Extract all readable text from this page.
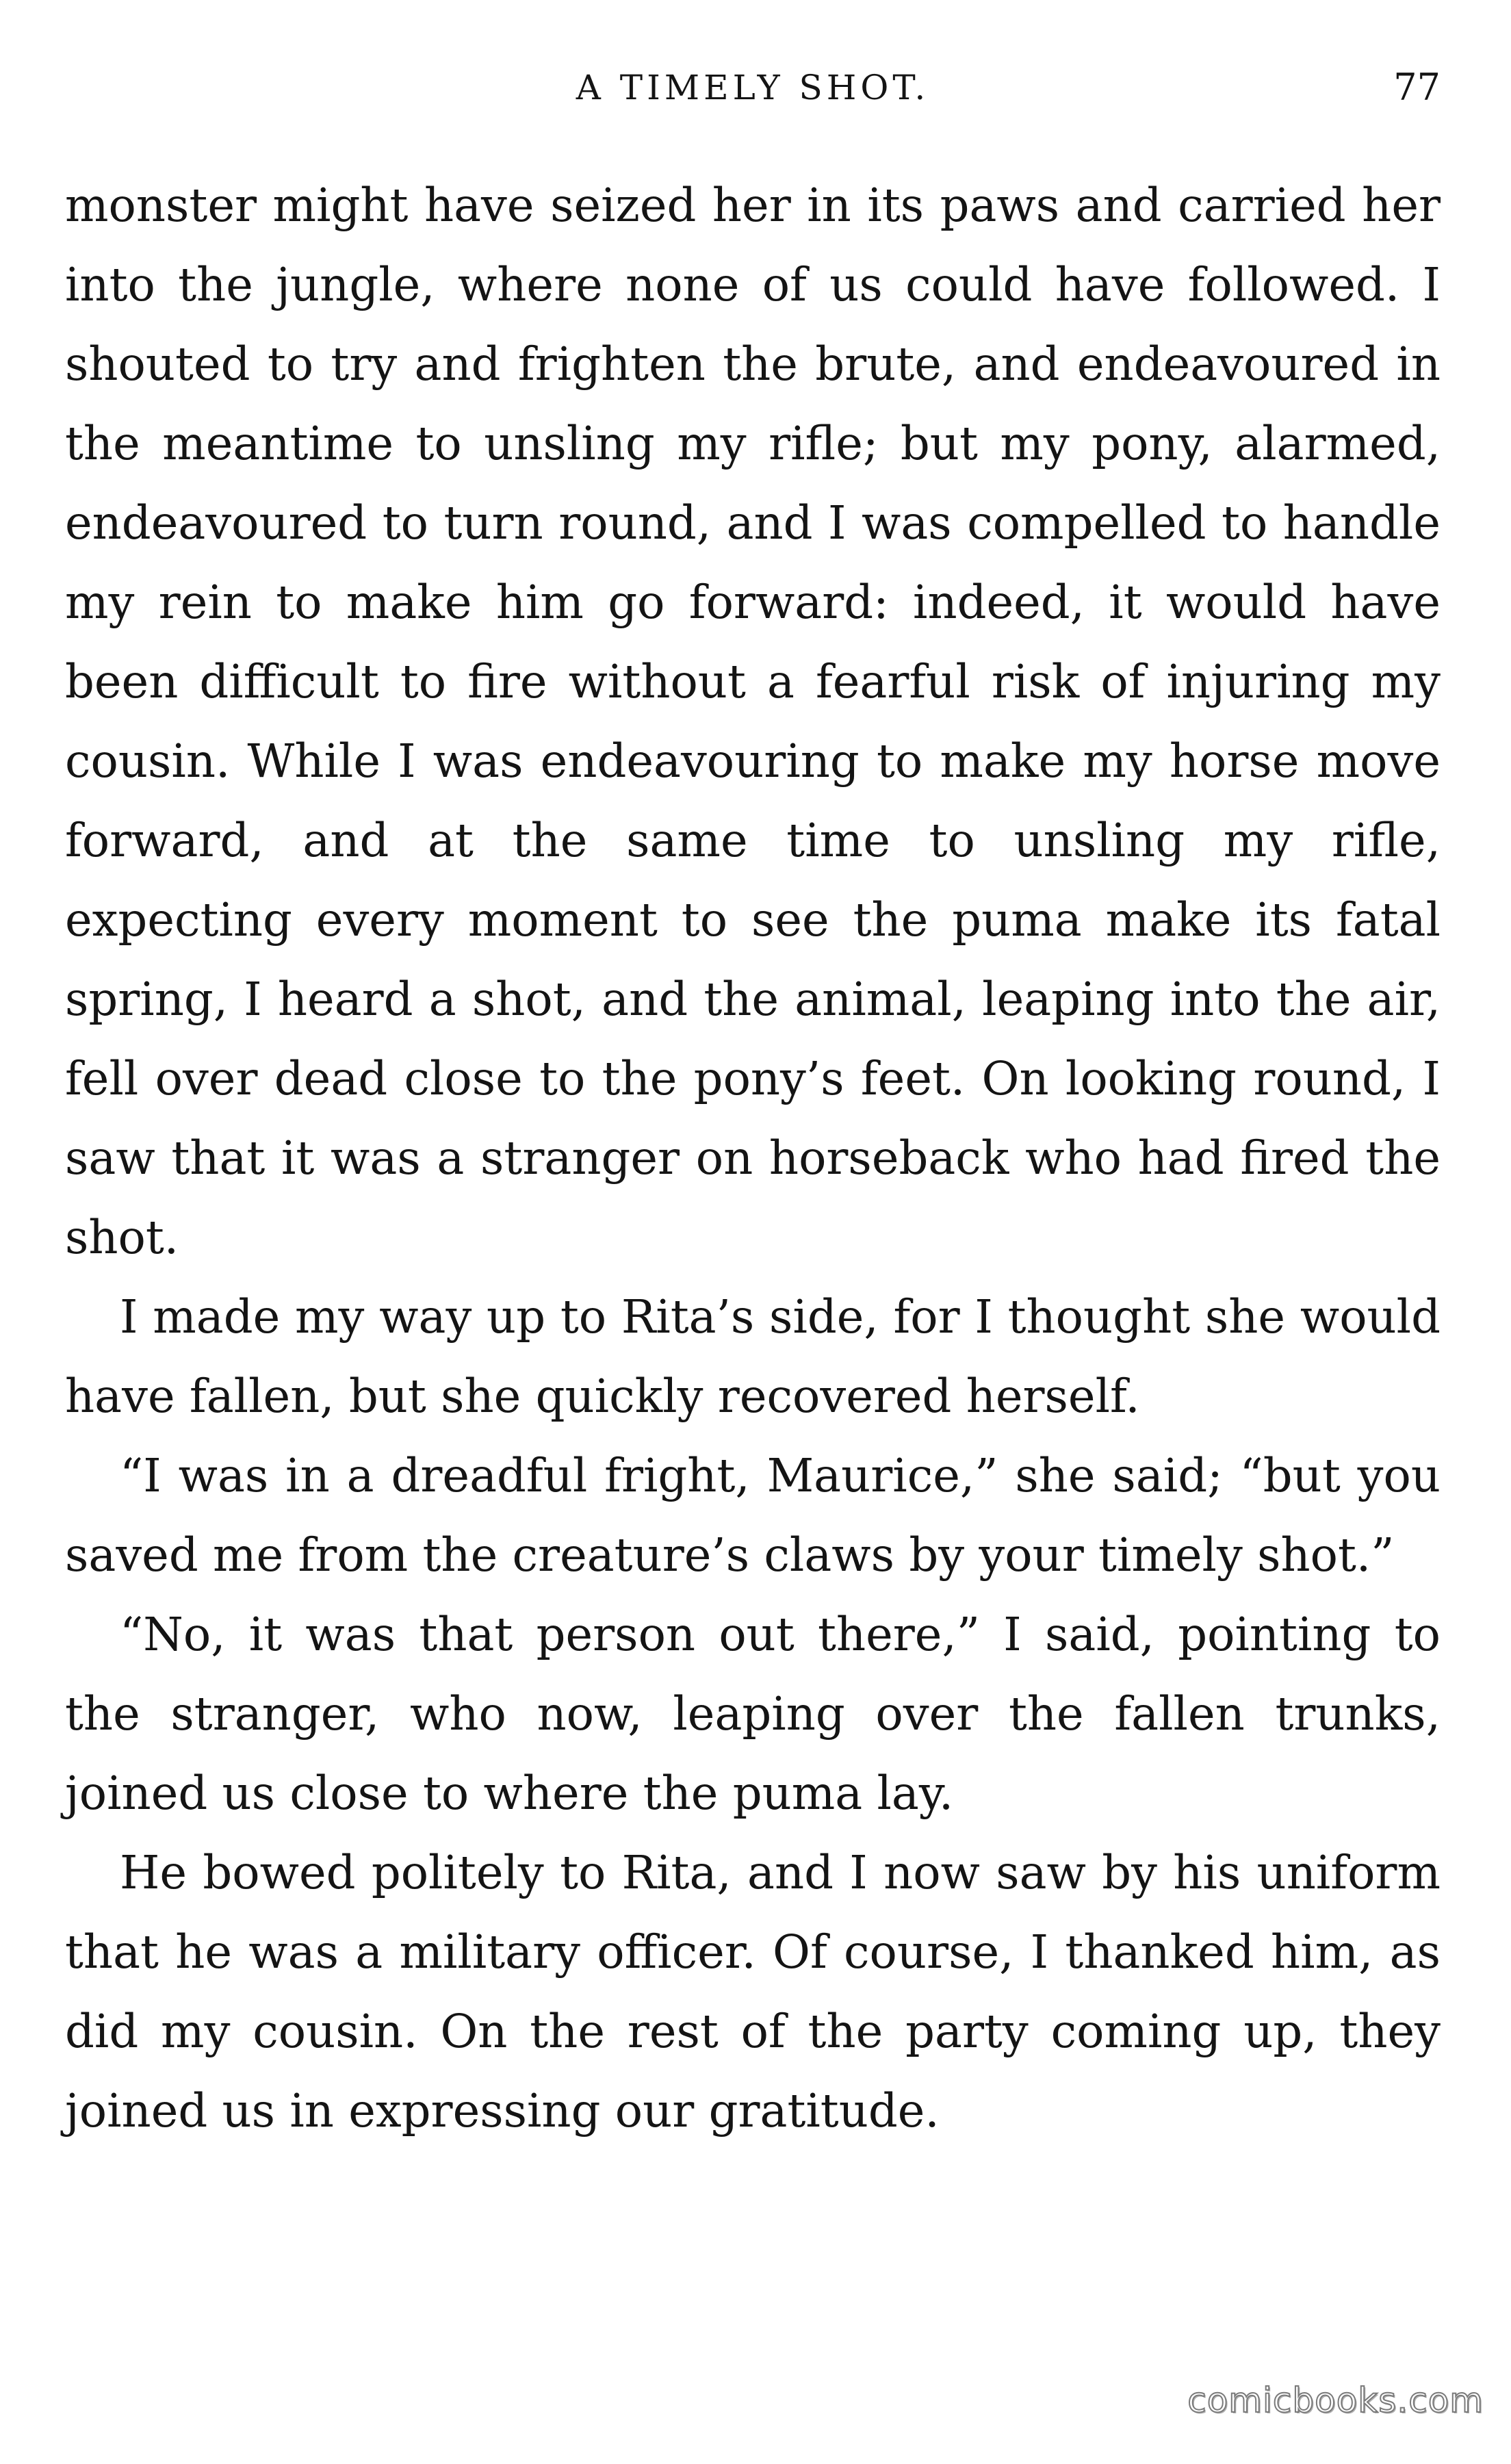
A TIMELY SHOT.	77

monster might have seized her in its paws and carried her into the jungle, where none of us could have followed. I shouted to try and frighten the brute, and endeavoured in the meantime to unsling my rifle; but my pony, alarmed, endeavoured to turn round, and I was compelled to handle my rein to make him go forward: indeed, it would have been difficult to fire without a fearful risk of injuring my cousin. While I was endeavouring to make my horse move forward, and at the same time to unsling my rifle, expecting every moment to see the puma make its fatal spring, I heard a shot, and the animal, leaping into the air, fell over dead close to the pony’s feet. On looking round, I saw that it was a stranger on horseback who had fired the shot.

I made my way up to Rita’s side, for I thought she would have fallen, but she quickly recovered herself.

“I was in a dreadful fright, Maurice,” she said; “but you saved me from the creature’s claws by your timely shot.”

“No, it was that person out there,” I said, pointing to the stranger, who now, leaping over the fallen trunks, joined us close to where the puma lay.

He bowed politely to Rita, and I now saw by his uniform that he was a military officer. Of course, I thanked him, as did my cousin. On the rest of the party coming up, they joined us in expressing our gratitude.

comicbooks.com
